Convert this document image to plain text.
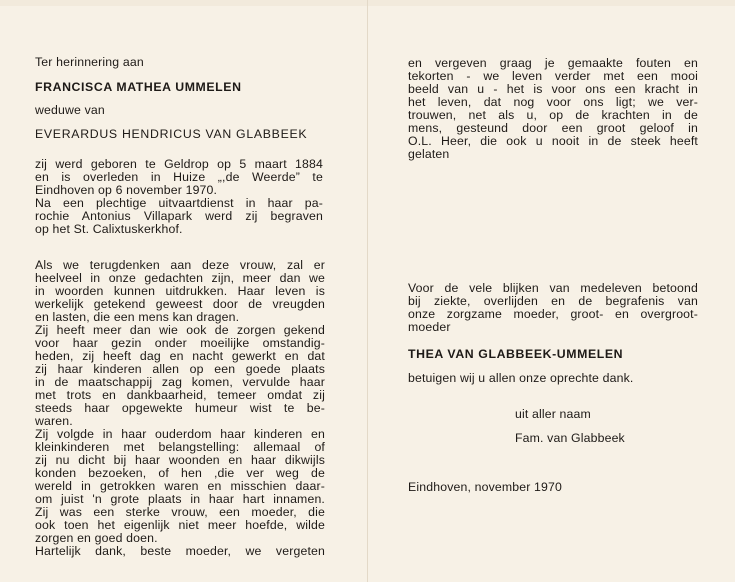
Ter herinnering aan
FRANCISCA MATHEA UMMELEN
weduwe van
EVERARDUS HENDRICUS VAN GLABBEEK
zij werd geboren te Geldrop op 5 maart 1884
en is overleden in Huize „,de Weerde” te
Eindhoven op 6 november 1970.
Na een plechtige uitvaartdienst in haar pa-
rochie Antonius Villapark werd zij begraven
op het St. Calixtuskerkhof.
Als we terugdenken aan deze vrouw, zal er
heelveel in onze gedachten zijn, meer dan we
in woorden kunnen uitdrukken. Haar leven is
werkelijk getekend geweest door de vreugden
en lasten, die een mens kan dragen.
Zij heeft meer dan wie ook de zorgen gekend
voor haar gezin onder moeilijke omstandig-
heden, zij heeft dag en nacht gewerkt en dat
zij haar kinderen allen op een goede plaats
in de maatschappij zag komen, vervulde haar
met trots en dankbaarheid, temeer omdat zij
steeds haar opgewekte humeur wist te be-
waren.
Zij volgde in haar ouderdom haar kinderen en
kleinkinderen met belangstelling: allemaal of
zij nu dicht bij haar woonden en haar dikwijls
konden bezoeken, of hen ,die ver weg de
wereld in getrokken waren en misschien daar-
om juist 'n grote plaats in haar hart innamen.
Zij was een sterke vrouw, een moeder, die
ook toen het eigenlijk niet meer hoefde, wilde
zorgen en goed doen.
Hartelijk dank, beste moeder, we vergeten
en vergeven graag je gemaakte fouten en
tekorten - we leven verder met een mooi
beeld van u - het is voor ons een kracht in
het leven, dat nog voor ons ligt; we ver-
trouwen, net als u, op de krachten in de
mens, gesteund door een groot geloof in
O.L. Heer, die ook u nooit in de steek heeft
gelaten
Voor de vele blijken van medeleven betoond
bij ziekte, overlijden en de begrafenis van
onze zorgzame moeder, groot- en overgroot-
moeder
THEA VAN GLABBEEK-UMMELEN
betuigen wij u allen onze oprechte dank.
uit aller naam
Fam. van Glabbeek
Eindhoven, november 1970
